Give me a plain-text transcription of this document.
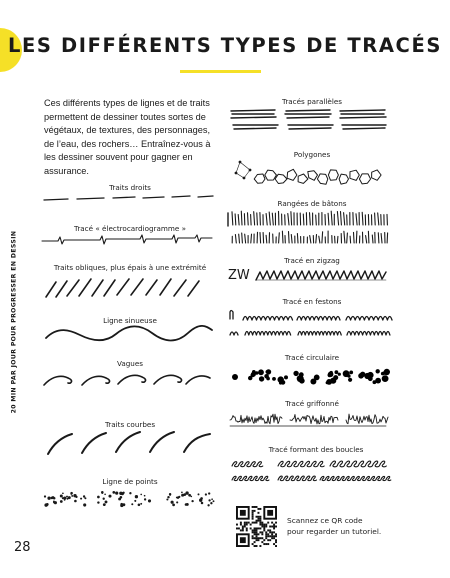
LES DIFFÉRENTS TYPES DE TRACÉS
Ces différents types de lignes et de traits permettent de dessiner toutes sortes de végétaux, de textures, des personnages, de l’eau, des rochers… Entraînez-vous à les dessiner souvent pour gagner en assurance.
Traits droits
Tracé « électrocardiogramme »
Traits obliques, plus épais à une extrémité
Ligne sinueuse
Vagues
Traits courbes
Ligne de points
Tracés parallèles
Polygones
Rangées de bâtons
Tracé en zigzag
Tracé en festons
Tracé circulaire
Tracé griffonné
Tracé formant des boucles
ZW
20 MIN PAR JOUR POUR PROGRESSER EN DESSIN
28
Scannez ce QR code
pour regarder un tutoriel.
